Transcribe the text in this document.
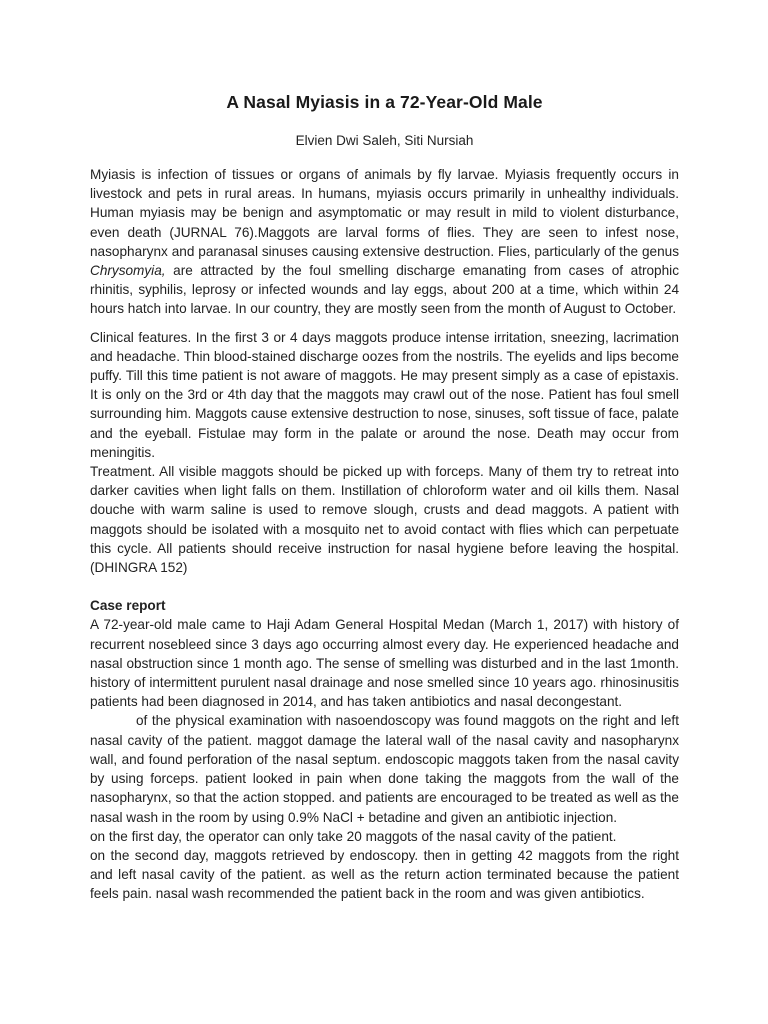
A Nasal Myiasis in a 72-Year-Old Male
Elvien Dwi Saleh, Siti Nursiah

Myiasis is infection of tissues or organs of animals by fly larvae. Myiasis frequently occurs in livestock and pets in rural areas. In humans, myiasis occurs primarily in unhealthy individuals. Human myiasis may be benign and asymptomatic or may result in mild to violent disturbance, even death (JURNAL 76).Maggots are larval forms of flies. They are seen to infest nose, nasopharynx and paranasal sinuses causing extensive destruction. Flies, particularly of the genus Chrysomyia, are attracted by the foul smelling discharge emanating from cases of atrophic rhinitis, syphilis, leprosy or infected wounds and lay eggs, about 200 at a time, which within 24 hours hatch into larvae. In our country, they are mostly seen from the month of August to October.

Clinical features. In the first 3 or 4 days maggots produce intense irritation, sneezing, lacrimation and headache. Thin blood-stained discharge oozes from the nostrils. The eyelids and lips become puffy. Till this time patient is not aware of maggots. He may present simply as a case of epistaxis. It is only on the 3rd or 4th day that the maggots may crawl out of the nose. Patient has foul smell surrounding him. Maggots cause extensive destruction to nose, sinuses, soft tissue of face, palate and the eyeball. Fistulae may form in the palate or around the nose. Death may occur from meningitis.

Treatment. All visible maggots should be picked up with forceps. Many of them try to retreat into darker cavities when light falls on them. Instillation of chloroform water and oil kills them. Nasal douche with warm saline is used to remove slough, crusts and dead maggots. A patient with maggots should be isolated with a mosquito net to avoid contact with flies which can perpetuate this cycle. All patients should receive instruction for nasal hygiene before leaving the hospital. (DHINGRA 152)

Case report

A 72-year-old male came to Haji Adam General Hospital Medan (March 1, 2017) with history of recurrent nosebleed since 3 days ago occurring almost every day. He experienced headache and nasal obstruction since 1 month ago. The sense of smelling was disturbed and in the last 1month. history of intermittent purulent nasal drainage and nose smelled since 10 years ago. rhinosinusitis patients had been diagnosed in 2014, and has taken antibiotics and nasal decongestant.

of the physical examination with nasoendoscopy was found maggots on the right and left nasal cavity of the patient. maggot damage the lateral wall of the nasal cavity and nasopharynx wall, and found perforation of the nasal septum. endoscopic maggots taken from the nasal cavity by using forceps. patient looked in pain when done taking the maggots from the wall of the nasopharynx, so that the action stopped. and patients are encouraged to be treated as well as the nasal wash in the room by using 0.9% NaCl + betadine and given an antibiotic injection.

on the first day, the operator can only take 20 maggots of the nasal cavity of the patient.

on the second day, maggots retrieved by endoscopy. then in getting 42 maggots from the right and left nasal cavity of the patient. as well as the return action terminated because the patient feels pain. nasal wash recommended the patient back in the room and was given antibiotics.
